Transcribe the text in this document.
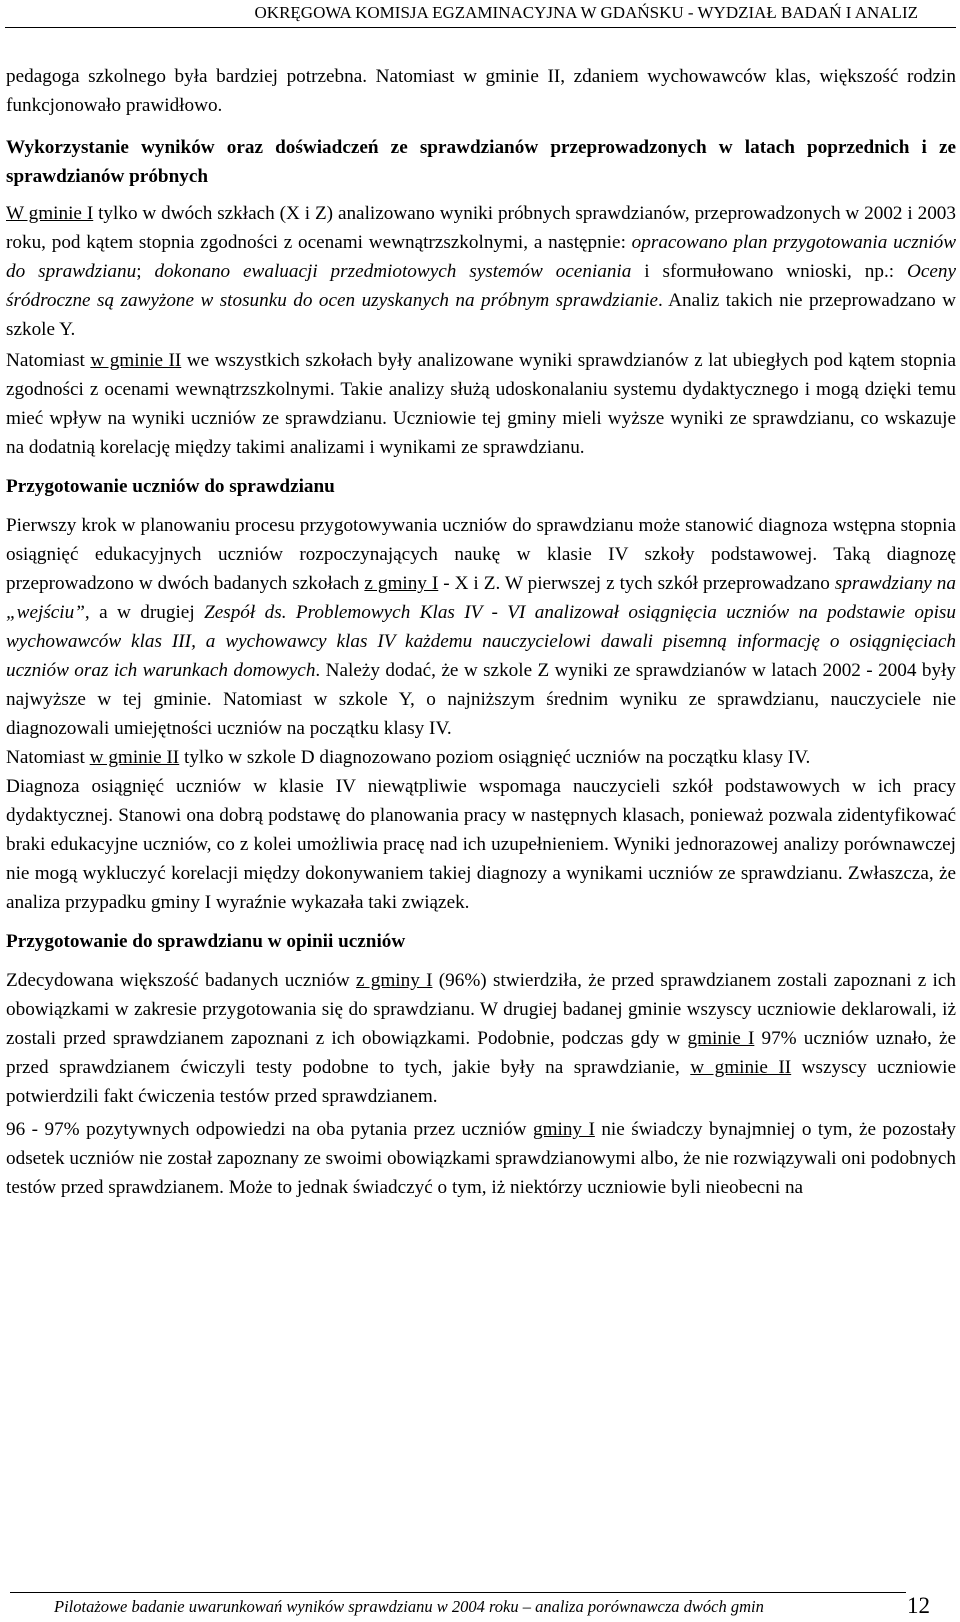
OKRĘGOWA KOMISJA EGZAMINACYJNA W GDAŃSKU - WYDZIAŁ BADAŃ I ANALIZ

pedagoga szkolnego była bardziej potrzebna. Natomiast w gminie II, zdaniem wychowawców klas, większość rodzin funkcjonowało prawidłowo.

Wykorzystanie wyników oraz doświadczeń ze sprawdzianów przeprowadzonych w latach poprzednich i ze sprawdzianów próbnych

W gminie I tylko w dwóch szkłach (X i Z) analizowano wyniki próbnych sprawdzianów, przeprowadzonych w 2002 i 2003 roku, pod kątem stopnia zgodności z ocenami wewnątrzszkolnymi, a następnie: opracowano plan przygotowania uczniów do sprawdzianu; dokonano ewaluacji przedmiotowych systemów oceniania i sformułowano wnioski, np.: Oceny śródroczne są zawyżone w stosunku do ocen uzyskanych na próbnym sprawdzianie. Analiz takich nie przeprowadzano w szkole Y.

Natomiast w gminie II we wszystkich szkołach były analizowane wyniki sprawdzianów z lat ubiegłych pod kątem stopnia zgodności z ocenami wewnątrzszkolnymi. Takie analizy służą udoskonalaniu systemu dydaktycznego i mogą dzięki temu mieć wpływ na wyniki uczniów ze sprawdzianu. Uczniowie tej gminy mieli wyższe wyniki ze sprawdzianu, co wskazuje na dodatnią korelację między takimi analizami i wynikami ze sprawdzianu.

Przygotowanie uczniów do sprawdzianu

Pierwszy krok w planowaniu procesu przygotowywania uczniów do sprawdzianu może stanowić diagnoza wstępna stopnia osiągnięć edukacyjnych uczniów rozpoczynających naukę w klasie IV szkoły podstawowej. Taką diagnozę przeprowadzono w dwóch badanych szkołach z gminy I - X i Z. W pierwszej z tych szkół przeprowadzano sprawdziany na „wejściu”, a w drugiej Zespół ds. Problemowych Klas IV - VI analizował osiągnięcia uczniów na podstawie opisu wychowawców klas III, a wychowawcy klas IV każdemu nauczycielowi dawali pisemną informację o osiągnięciach uczniów oraz ich warunkach domowych. Należy dodać, że w szkole Z wyniki ze sprawdzianów w latach 2002 - 2004 były najwyższe w tej gminie. Natomiast w szkole Y, o najniższym średnim wyniku ze sprawdzianu, nauczyciele nie diagnozowali umiejętności uczniów na początku klasy IV.

Natomiast w gminie II tylko w szkole D diagnozowano poziom osiągnięć uczniów na początku klasy IV.

Diagnoza osiągnięć uczniów w klasie IV niewątpliwie wspomaga nauczycieli szkół podstawowych w ich pracy dydaktycznej. Stanowi ona dobrą podstawę do planowania pracy w następnych klasach, ponieważ pozwala zidentyfikować braki edukacyjne uczniów, co z kolei umożliwia pracę nad ich uzupełnieniem. Wyniki jednorazowej analizy porównawczej nie mogą wykluczyć korelacji między dokonywaniem takiej diagnozy a wynikami uczniów ze sprawdzianu. Zwłaszcza, że analiza przypadku gminy I wyraźnie wykazała taki związek.

Przygotowanie do sprawdzianu w opinii uczniów

Zdecydowana większość badanych uczniów z gminy I (96%) stwierdziła, że przed sprawdzianem zostali zapoznani z ich obowiązkami w zakresie przygotowania się do sprawdzianu. W drugiej badanej gminie wszyscy uczniowie deklarowali, iż zostali przed sprawdzianem zapoznani z ich obowiązkami. Podobnie, podczas gdy w gminie I 97% uczniów uznało, że przed sprawdzianem ćwiczyli testy podobne to tych, jakie były na sprawdzianie, w gminie II wszyscy uczniowie potwierdzili fakt ćwiczenia testów przed sprawdzianem.

96 - 97% pozytywnych odpowiedzi na oba pytania przez uczniów gminy I nie świadczy bynajmniej o tym, że pozostały odsetek uczniów nie został zapoznany ze swoimi obowiązkami sprawdzianowymi albo, że nie rozwiązywali oni podobnych testów przed sprawdzianem. Może to jednak świadczyć o tym, iż niektórzy uczniowie byli nieobecni na

Pilotażowe badanie uwarunkowań wyników sprawdzianu w 2004 roku – analiza porównawcza dwóch gmin	12
